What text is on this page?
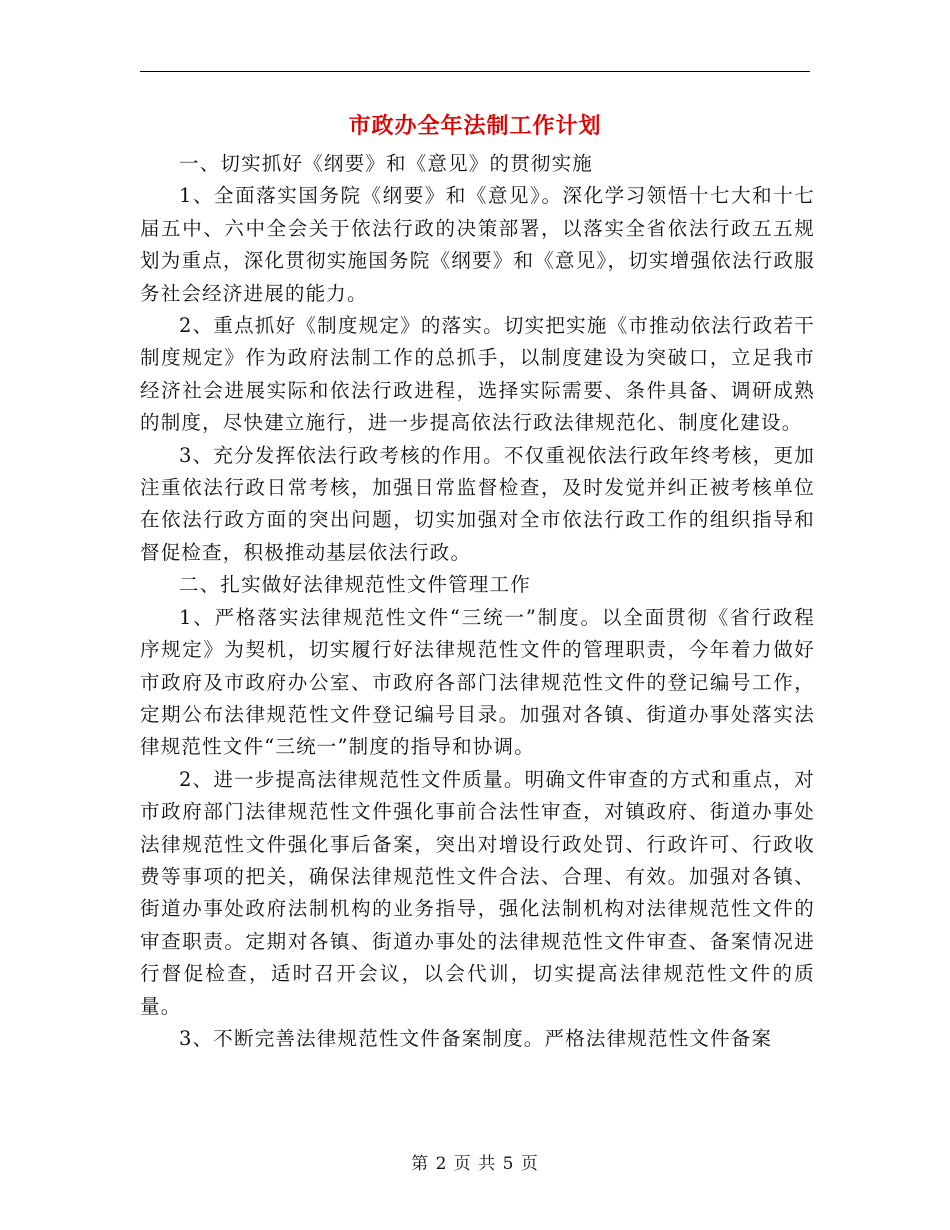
市政办全年法制工作计划

一、切实抓好《纲要》和《意见》的贯彻实施

1、全面落实国务院《纲要》和《意见》。深化学习领悟十七大和十七届五中、六中全会关于依法行政的决策部署，以落实全省依法行政五五规划为重点，深化贯彻实施国务院《纲要》和《意见》，切实增强依法行政服务社会经济进展的能力。

2、重点抓好《制度规定》的落实。切实把实施《市推动依法行政若干制度规定》作为政府法制工作的总抓手，以制度建设为突破口，立足我市经济社会进展实际和依法行政进程，选择实际需要、条件具备、调研成熟的制度，尽快建立施行，进一步提高依法行政法律规范化、制度化建设。

3、充分发挥依法行政考核的作用。不仅重视依法行政年终考核，更加注重依法行政日常考核，加强日常监督检查，及时发觉并纠正被考核单位在依法行政方面的突出问题，切实加强对全市依法行政工作的组织指导和督促检查，积极推动基层依法行政。

二、扎实做好法律规范性文件管理工作

1、严格落实法律规范性文件“三统一”制度。以全面贯彻《省行政程序规定》为契机，切实履行好法律规范性文件的管理职责，今年着力做好市政府及市政府办公室、市政府各部门法律规范性文件的登记编号工作，定期公布法律规范性文件登记编号目录。加强对各镇、街道办事处落实法律规范性文件“三统一”制度的指导和协调。

2、进一步提高法律规范性文件质量。明确文件审查的方式和重点，对市政府部门法律规范性文件强化事前合法性审查，对镇政府、街道办事处法律规范性文件强化事后备案，突出对增设行政处罚、行政许可、行政收费等事项的把关，确保法律规范性文件合法、合理、有效。加强对各镇、街道办事处政府法制机构的业务指导，强化法制机构对法律规范性文件的审查职责。定期对各镇、街道办事处的法律规范性文件审查、备案情况进行督促检查，适时召开会议，以会代训，切实提高法律规范性文件的质量。

3、不断完善法律规范性文件备案制度。严格法律规范性文件备案

第 2 页 共 5 页
